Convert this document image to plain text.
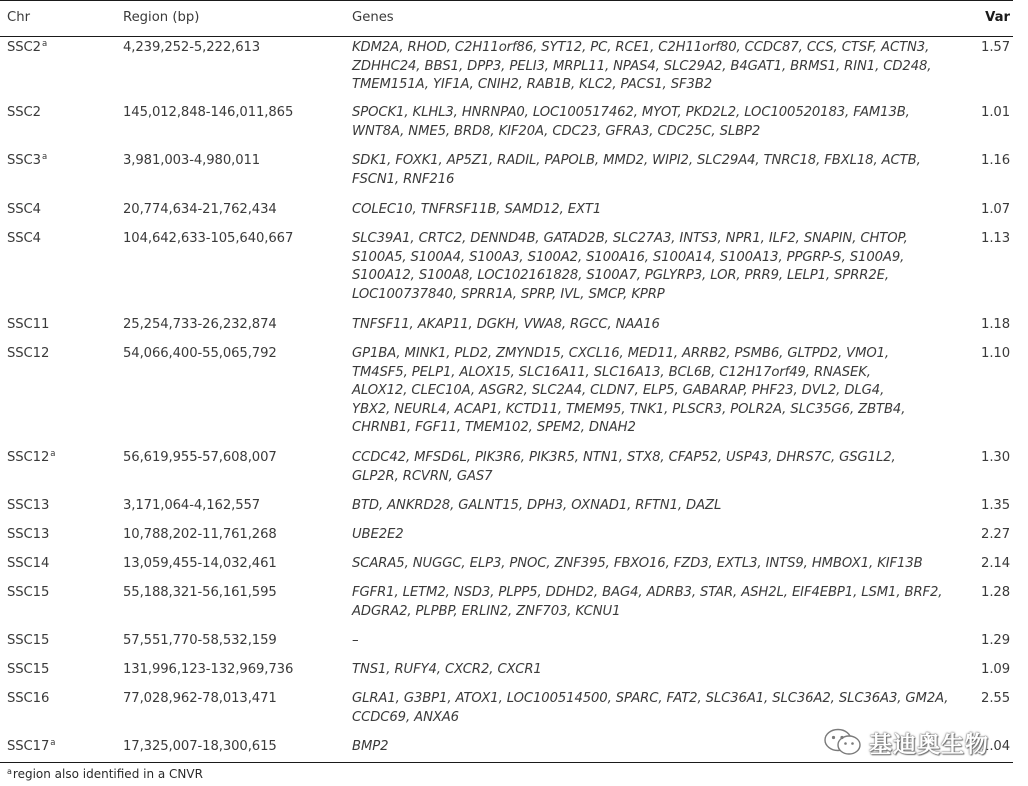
Chr	Region (bp)	Genes	Var
SSC2$^a$	4,239,252-5,222,613	KDM2A, RHOD, C2H11orf86, SYT12, PC, RCE1, C2H11orf80, CCDC87, CCS, CTSF, ACTN3,
ZDHHC24, BBS1, DPP3, PELI3, MRPL11, NPAS4, SLC29A2, B4GAT1, BRMS1, RIN1, CD248,
TMEM151A, YIF1A, CNIH2, RAB1B, KLC2, PACS1, SF3B2
1.57
SSC2	145,012,848-146,011,865	SPOCK1, KLHL3, HNRNPA0, LOC100517462, MYOT, PKD2L2, LOC100520183, FAM13B,
WNT8A, NME5, BRD8, KIF20A, CDC23, GFRA3, CDC25C, SLBP2
1.01
SSC3$^a$	3,981,003-4,980,011	SDK1, FOXK1, AP5Z1, RADIL, PAPOLB, MMD2, WIPI2, SLC29A4, TNRC18, FBXL18, ACTB,
FSCN1, RNF216
1.16
SSC4	20,774,634-21,762,434	COLEC10, TNFRSF11B, SAMD12, EXT1	1.07
SSC4	104,642,633-105,640,667	SLC39A1, CRTC2, DENND4B, GATAD2B, SLC27A3, INTS3, NPR1, ILF2, SNAPIN, CHTOP,
S100A5, S100A4, S100A3, S100A2, S100A16, S100A14, S100A13, PPGRP-S, S100A9,
S100A12, S100A8, LOC102161828, S100A7, PGLYRP3, LOR, PRR9, LELP1, SPRR2E,
LOC100737840, SPRR1A, SPRP, IVL, SMCP, KPRP
1.13
SSC11	25,254,733-26,232,874	TNFSF11, AKAP11, DGKH, VWA8, RGCC, NAA16	1.18
SSC12	54,066,400-55,065,792	GP1BA, MINK1, PLD2, ZMYND15, CXCL16, MED11, ARRB2, PSMB6, GLTPD2, VMO1,
TM4SF5, PELP1, ALOX15, SLC16A11, SLC16A13, BCL6B, C12H17orf49, RNASEK,
ALOX12, CLEC10A, ASGR2, SLC2A4, CLDN7, ELP5, GABARAP, PHF23, DVL2, DLG4,
YBX2, NEURL4, ACAP1, KCTD11, TMEM95, TNK1, PLSCR3, POLR2A, SLC35G6, ZBTB4,
CHRNB1, FGF11, TMEM102, SPEM2, DNAH2
1.10
SSC12$^a$	56,619,955-57,608,007	CCDC42, MFSD6L, PIK3R6, PIK3R5, NTN1, STX8, CFAP52, USP43, DHRS7C, GSG1L2,
GLP2R, RCVRN, GAS7
1.30
SSC13	3,171,064-4,162,557	BTD, ANKRD28, GALNT15, DPH3, OXNAD1, RFTN1, DAZL	1.35
SSC13	10,788,202-11,761,268	UBE2E2	2.27
SSC14	13,059,455-14,032,461	SCARA5, NUGGC, ELP3, PNOC, ZNF395, FBXO16, FZD3, EXTL3, INTS9, HMBOX1, KIF13B	2.14
SSC15	55,188,321-56,161,595	FGFR1, LETM2, NSD3, PLPP5, DDHD2, BAG4, ADRB3, STAR, ASH2L, EIF4EBP1, LSM1, BRF2,
ADGRA2, PLPBP, ERLIN2, ZNF703, KCNU1
1.28
SSC15	57,551,770-58,532,159	–	1.29
SSC15	131,996,123-132,969,736	TNS1, RUFY4, CXCR2, CXCR1	1.09
SSC16	77,028,962-78,013,471	GLRA1, G3BP1, ATOX1, LOC100514500, SPARC, FAT2, SLC36A1, SLC36A2, SLC36A3, GM2A,
CCDC69, ANXA6
2.55
SSC17$^a$	17,325,007-18,300,615	BMP2	1.04
$^a$region also identified in a CNVR
基迪奥生物
